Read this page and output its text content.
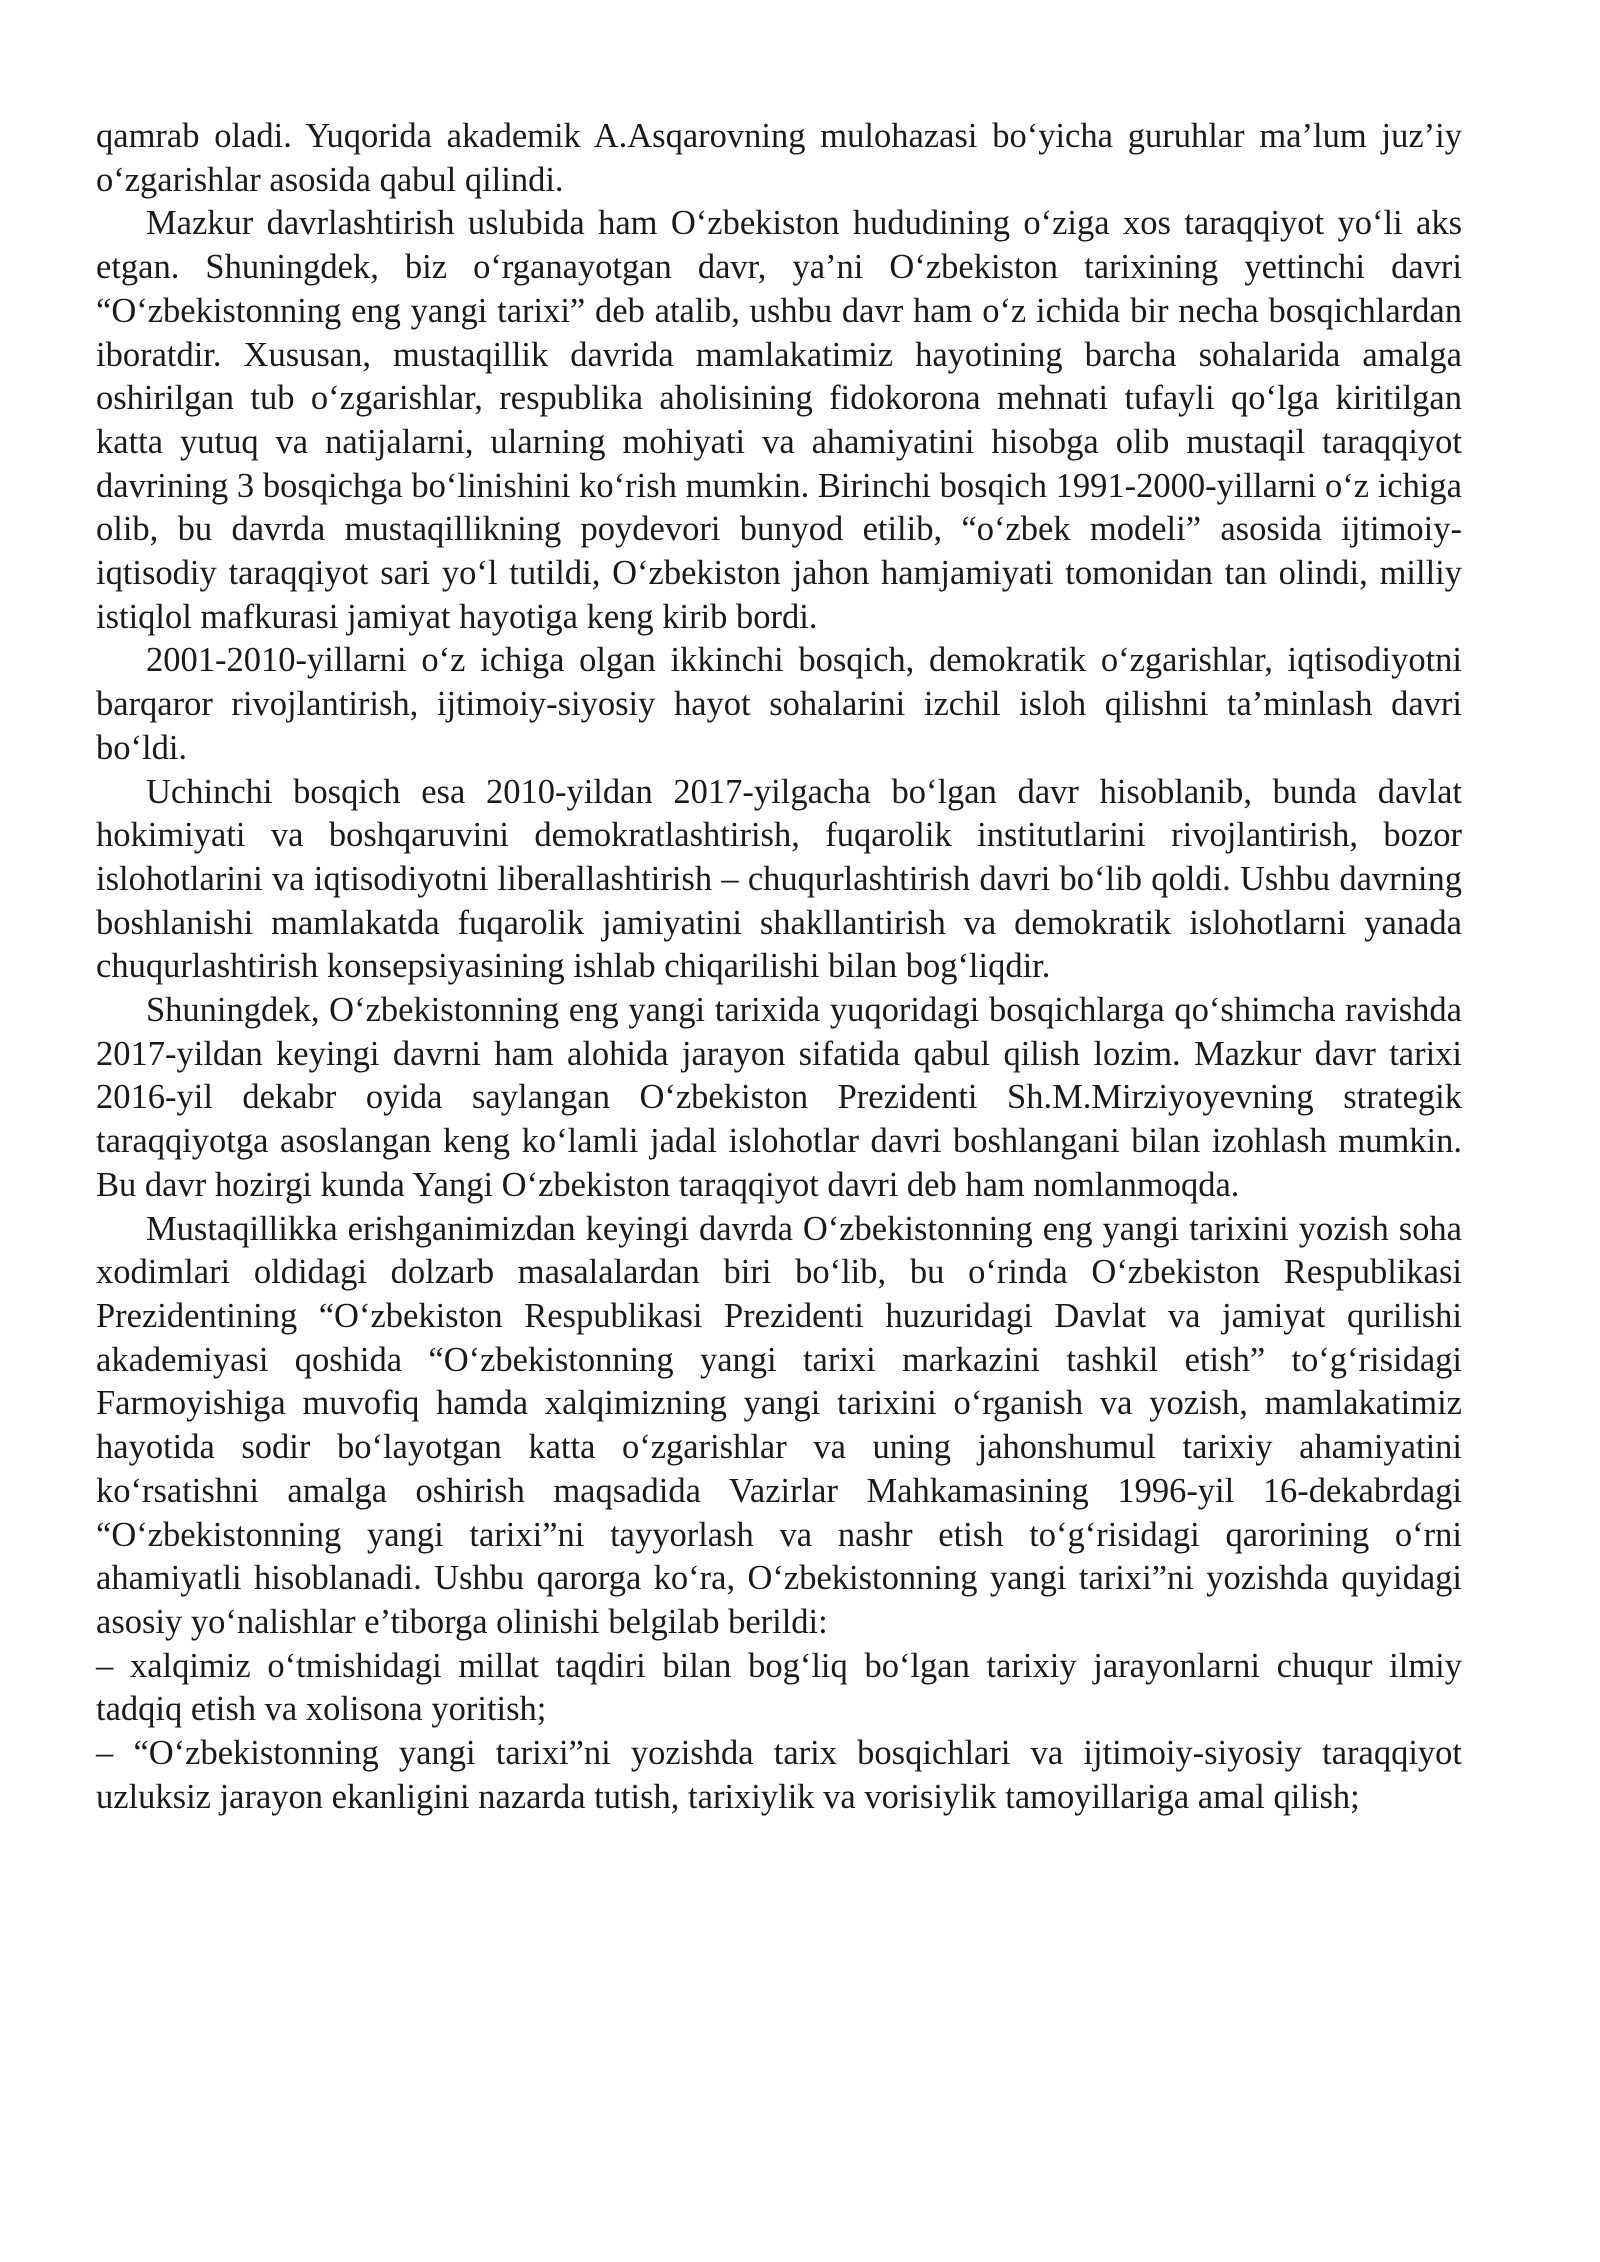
qamrab oladi. Yuqorida akademik A.Asqarovning mulohazasi bo‘yicha guruhlar ma’lum juz’iy o‘zgarishlar asosida qabul qilindi.

Mazkur davrlashtirish uslubida ham O‘zbekiston hududining o‘ziga xos taraqqiyot yo‘li aks etgan. Shuningdek, biz o‘rganayotgan davr, ya’ni O‘zbekiston tarixining yettinchi davri “O‘zbekistonning eng yangi tarixi” deb atalib, ushbu davr ham o‘z ichida bir necha bosqichlardan iboratdir. Xususan, mustaqillik davrida mamlakatimiz hayotining barcha sohalarida amalga oshirilgan tub o‘zgarishlar, respublika aholisining fidokorona mehnati tufayli qo‘lga kiritilgan katta yutuq va natijalarni, ularning mohiyati va ahamiyatini hisobga olib mustaqil taraqqiyot davrining 3 bosqichga bo‘linishini ko‘rish mumkin. Birinchi bosqich 1991-2000-yillarni o‘z ichiga olib, bu davrda mustaqillikning poydevori bunyod etilib, “o‘zbek modeli” asosida ijtimoiy-iqtisodiy taraqqiyot sari yo‘l tutildi, O‘zbekiston jahon hamjamiyati tomonidan tan olindi, milliy istiqlol mafkurasi jamiyat hayotiga keng kirib bordi.

2001-2010-yillarni o‘z ichiga olgan ikkinchi bosqich, demokratik o‘zgarishlar, iqtisodiyotni barqaror rivojlantirish, ijtimoiy-siyosiy hayot sohalarini izchil isloh qilishni ta’minlash davri bo‘ldi.

Uchinchi bosqich esa 2010-yildan 2017-yilgacha bo‘lgan davr hisoblanib, bunda davlat hokimiyati va boshqaruvini demokratlashtirish, fuqarolik institutlarini rivojlantirish, bozor islohotlarini va iqtisodiyotni liberallashtirish – chuqurlashtirish davri bo‘lib qoldi. Ushbu davrning boshlanishi mamlakatda fuqarolik jamiyatini shakllantirish va demokratik islohotlarni yanada chuqurlashtirish konsepsiyasining ishlab chiqarilishi bilan bog‘liqdir.

Shuningdek, O‘zbekistonning eng yangi tarixida yuqoridagi bosqichlarga qo‘shimcha ravishda 2017-yildan keyingi davrni ham alohida jarayon sifatida qabul qilish lozim. Mazkur davr tarixi 2016-yil dekabr oyida saylangan O‘zbekiston Prezidenti Sh.M.Mirziyoyevning strategik taraqqiyotga asoslangan keng ko‘lamli jadal islohotlar davri boshlangani bilan izohlash mumkin. Bu davr hozirgi kunda Yangi O‘zbekiston taraqqiyot davri deb ham nomlanmoqda.

Mustaqillikka erishganimizdan keyingi davrda O‘zbekistonning eng yangi tarixini yozish soha xodimlari oldidagi dolzarb masalalardan biri bo‘lib, bu o‘rinda O‘zbekiston Respublikasi Prezidentining “O‘zbekiston Respublikasi Prezidenti huzuridagi Davlat va jamiyat qurilishi akademiyasi qoshida “O‘zbekistonning yangi tarixi markazini tashkil etish” to‘g‘risidagi Farmoyishiga muvofiq hamda xalqimizning yangi tarixini o‘rganish va yozish, mamlakatimiz hayotida sodir bo‘layotgan katta o‘zgarishlar va uning jahonshumul tarixiy ahamiyatini ko‘rsatishni amalga oshirish maqsadida Vazirlar Mahkamasining 1996-yil 16-dekabrdagi “O‘zbekistonning yangi tarixi”ni tayyorlash va nashr etish to‘g‘risidagi qarorining o‘rni ahamiyatli hisoblanadi. Ushbu qarorga ko‘ra, O‘zbekistonning yangi tarixi”ni yozishda quyidagi asosiy yo‘nalishlar e’tiborga olinishi belgilab berildi:

– xalqimiz o‘tmishidagi millat taqdiri bilan bog‘liq bo‘lgan tarixiy jarayonlarni chuqur ilmiy tadqiq etish va xolisona yoritish;

– “O‘zbekistonning yangi tarixi”ni yozishda tarix bosqichlari va ijtimoiy-siyosiy taraqqiyot uzluksiz jarayon ekanligini nazarda tutish, tarixiylik va vorisiylik tamoyillariga amal qilish;
